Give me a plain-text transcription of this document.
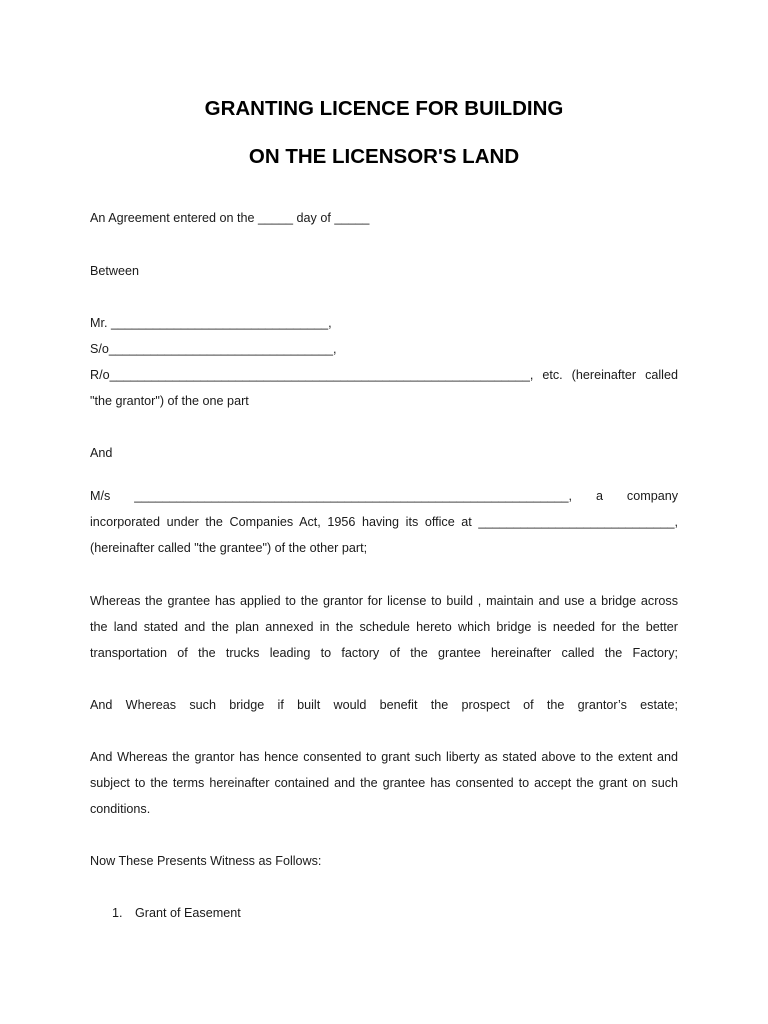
GRANTING LICENCE FOR BUILDING
ON THE LICENSOR'S LAND
An Agreement entered on the _____ day of _____
Between
Mr. _______________________________,
S/o________________________________,
R/o____________________________________________________________, etc. (hereinafter called
"the grantor") of the one part
And
M/s ______________________________________________________________, a company
incorporated under the Companies Act, 1956 having its office at ____________________________,
(hereinafter called "the grantee") of the other part;
Whereas the grantee has applied to the grantor for license to build , maintain and use a bridge across
the land stated and the plan annexed in the schedule hereto which bridge is needed for the better
transportation of the trucks leading to factory of the grantee hereinafter called the Factory;
And Whereas such bridge if built would benefit the prospect of the grantor’s estate;
And Whereas the grantor has hence consented to grant such liberty as stated above to the extent and
subject to the terms hereinafter contained and the grantee has consented to accept the grant on such
conditions.
Now These Presents Witness as Follows:
1. Grant of Easement
